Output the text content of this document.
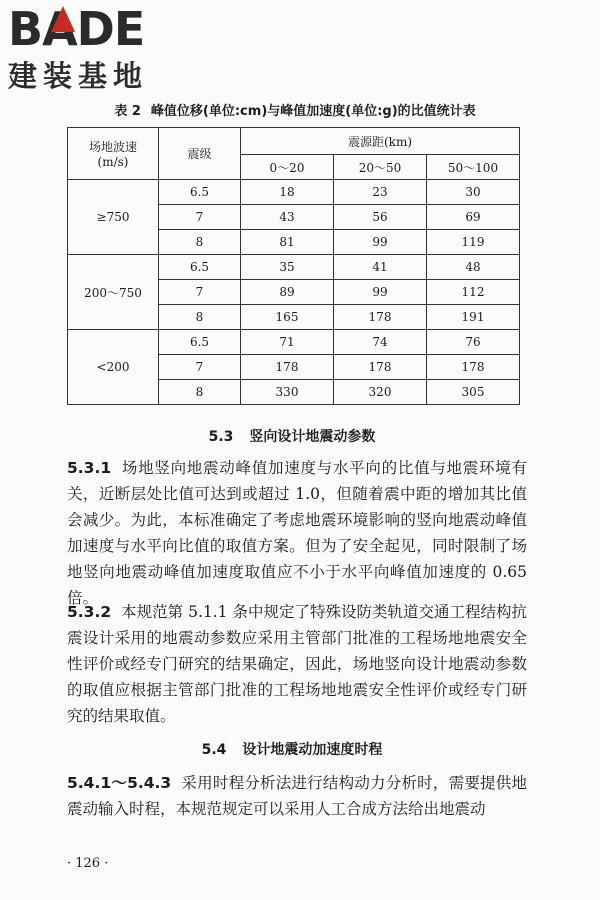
B A DE
建装基地
表 2 峰值位移(单位:cm)与峰值加速度(单位:g)的比值统计表
场地波速
(m/s)	震级	震源距(km)		
		0～20	20～50	50～100
≥750	6.5	18	23	30
	7	43	56	69
	8	81	99	119
200～750	6.5	35	41	48
	7	89	99	112
	8	165	178	191
<200	6.5	71	74	76
	7	178	178	178
	8	330	320	305
5.3 竖向设计地震动参数
5.3.1 场地竖向地震动峰值加速度与水平向的比值与地震环境有关，近断层处比值可达到或超过 1.0，但随着震中距的增加其比值会减少。为此，本标准确定了考虑地震环境影响的竖向地震动峰值加速度与水平向比值的取值方案。但为了安全起见，同时限制了场地竖向地震动峰值加速度取值应不小于水平向峰值加速度的 0.65 倍。
5.3.2 本规范第 5.1.1 条中规定了特殊设防类轨道交通工程结构抗震设计采用的地震动参数应采用主管部门批准的工程场地地震安全性评价或经专门研究的结果确定，因此，场地竖向设计地震动参数的取值应根据主管部门批准的工程场地地震安全性评价或经专门研究的结果取值。
5.4 设计地震动加速度时程
5.4.1～5.4.3 采用时程分析法进行结构动力分析时，需要提供地震动输入时程，本规范规定可以采用人工合成方法给出地震动
· 126 ·
